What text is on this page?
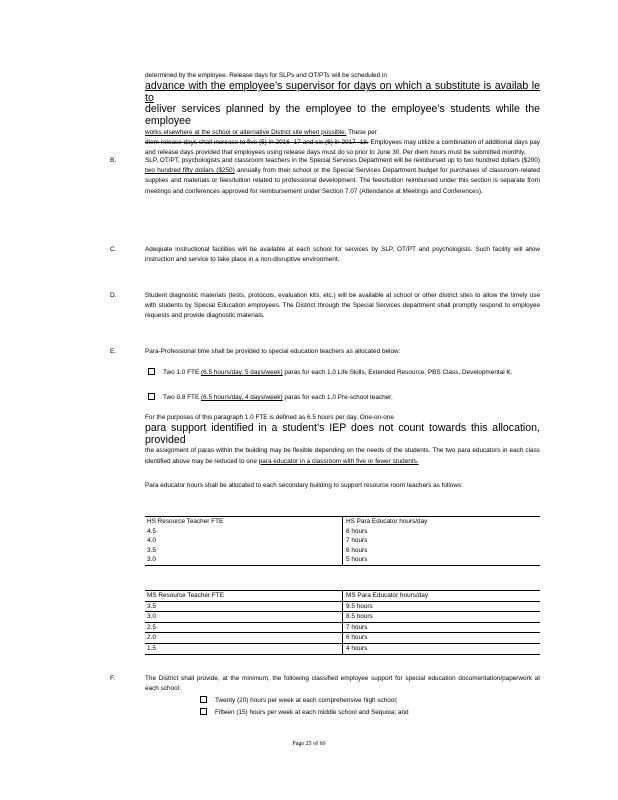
determined by the employee. Release days for SLPs and OT/PTs will be scheduled in

advance with the employee’s supervisor for days on which a substitute is availab le to
deliver services planned by the employee to the employee’s students while the employee
works elsewhere at the school or alternative District site when possible. These per
diem release days shall increase to five (5) in 2016 -17 and six (6) in 2017 -18. Employees may utilize a combination of additional days pay and release days provided that employees using release days must do so prior to June 30. Per diem hours must be submitted monthly.
B.	SLP, OT/PT, psychologists and classroom teachers in the Special Services Department will be reimbursed up to two hundred dollars ($200) two hundred fifty dollars ($250) annually from their school or the Special Services Department budget for purchases of classroom-related supplies and materials or fees/tuition related to professional development. The fees/tuition reimbursed under this section is separate from meetings and conferences approved for reimbursement under Section 7.07 (Attendance at Meetings and Conferences).
C.	Adequate instructional facilities will be available at each school for services by SLP, OT/PT and psychologists. Such facility will allow instruction and service to take place in a non-disruptive environment.
D.	Student diagnostic materials (tests, protocols, evaluation kits, etc.) will be available at school or other district sites to allow the timely use with students by Special Education employees. The District through the Special Services department shall promptly respond to employee requests and provide diagnostic materials.
E.	Para-Professional time shall be provided to special education teachers as allocated below:
Two 1.0 FTE (6.5 hours/day, 5 days/week) paras for each 1.0 Life Skills, Extended Resource, PBS Class, Developmental K.
Two 0.8 FTE (6.5 hours/day, 4 days/week) paras for each 1.0 Pre-school teacher.
For the purposes of this paragraph 1.0 FTE is defined as 6.5 hours per day. One-on-one

para support identified in a student’s IEP does not count towards this allocation, provided
the assignment of paras within the building may be flexible depending on the needs of the students. The two para educators in each class identified above may be reduced to one para educator in a classroom with five or fewer students.
Para educator hours shall be allocated to each secondary building to support resource room teachers as follows:
HS Resource Teacher FTE	HS Para Educator hours/day
4.5	8 hours
4.0	7 hours
3.5	6 hours
3.0	5 hours
MS Resource Teacher FTE	MS Para Educator hours/day
3.5	9.5 hours
3.0	8.5 hours
2.5	7 hours
2.0	6 hours
1.5	4 hours
F.	The District shall provide, at the minimum, the following classified employee support for special education documentation/paperwork at each school:
Twenty (20) hours per week at each comprehensive high school;
Fifteen (15) hours per week at each middle school and Sequoia; and
Page 25 of 60
